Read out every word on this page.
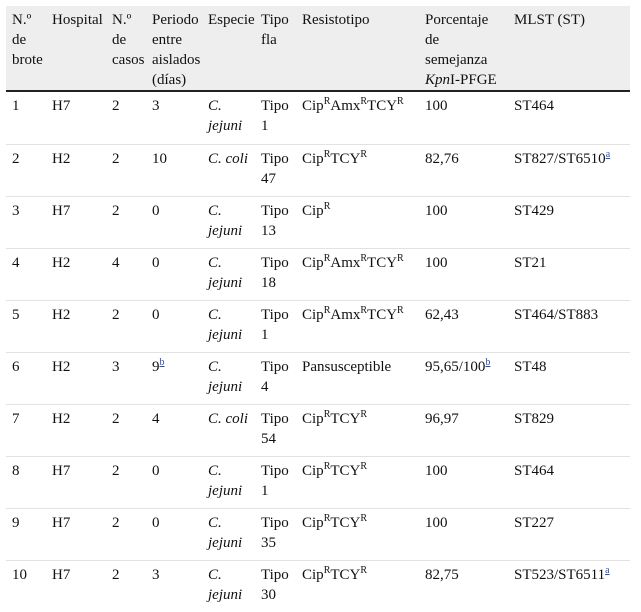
N.º de brote	Hospital	N.º de casos	Periodo entre aislados (días)	Especie	Tipo fla	Resistotipo	Porcentaje de semejanza KpnI-PFGE	MLST (ST)
1	H7	2	3	C. jejuni	Tipo 1	$Cip^RAmx^RTCY^R$	100	ST464
2	H2	2	10	C. coli	Tipo 47	$Cip^RTCY^R$	82,76	ST827/ST6510$^a$
3	H7	2	0	C. jejuni	Tipo 13	Cip$^R$	100	ST429
4	H2	4	0	C. jejuni	Tipo 18	$Cip^RAmx^RTCY^R$	100	ST21
5	H2	2	0	C. jejuni	Tipo 1	$Cip^RAmx^RTCY^R$	62,43	ST464/ST883
6	H2	3	9$^b$	C. jejuni	Tipo 4	Pansusceptible	95,65/100$^b$	ST48
7	H2	2	4	C. coli	Tipo 54	$Cip^RTCY^R$	96,97	ST829
8	H7	2	0	C. jejuni	Tipo 1	$Cip^RTCY^R$	100	ST464
9	H7	2	0	C. jejuni	Tipo 35	$Cip^RTCY^R$	100	ST227
10	H7	2	3	C. jejuni	Tipo 30	$Cip^RTCY^R$	82,75	ST523/ST6511$^a$
